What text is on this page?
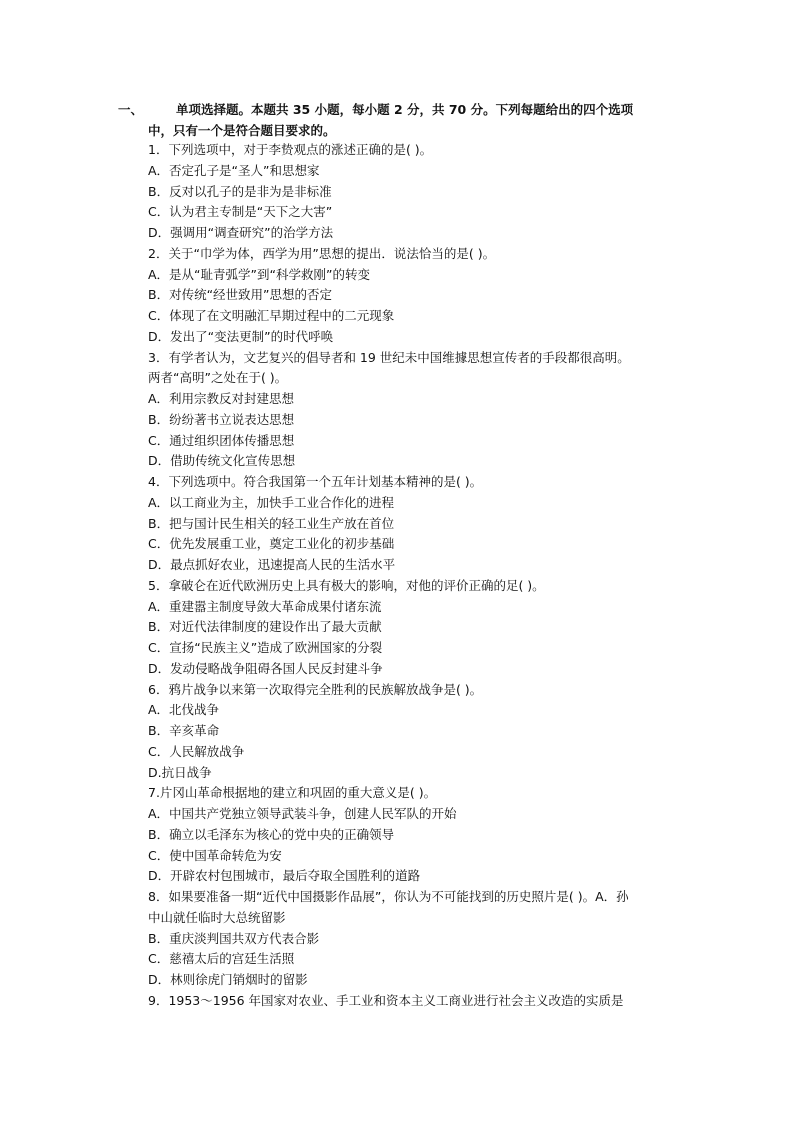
一、	单项选择题。本题共 35 小题，每小题 2 分，共 70 分。下列每题给出的四个选项
中，只有一个是符合题目要求的。
1．下列选项中，对于李贽观点的涨述正确的是( )。
A．否定孔子是“圣人”和思想家
B．反对以孔子的是非为是非标准
C．认为君主专制是“天下之大害”
D．强调用“调查研究”的治学方法
2．关于“巾学为体，西学为用”思想的提出．说法恰当的是( )。
A．是从“耻青弧学”到“科学救刚”的转变
B．对传统“经世致用”思想的否定
C．体现了在文明融汇早期过程中的二元现象
D．发出了“变法更制”的时代呼唤
3．有学者认为，文艺复兴的倡导者和 19 世纪未中国维據思想宣传者的手段都很高明。
两者“高明”之处在于( )。
A．利用宗教反对封建思想
B．纷纷著书立说表达思想
C．通过组织团体传播思想
D．借助传统文化宣传思想
4．下列选项中。符合我国第一个五年计划基本精神的是( )。
A．以工商业为主，加快手工业合作化的进程
B．把与国计民生相关的轻工业生产放在首位
C．优先发展重工业，奠定工业化的初步基础
D．最点抓好农业，迅速提高人民的生活水平
5．拿破仑在近代欧洲历史上具有极大的影响，对他的评价正确的足( )。
A．重建嚣主制度导敛大革命成果付诸东流
B．对近代法律制度的建设作出了最大贡献
C．宣扬“民族主义”造成了欧洲国家的分裂
D．发动侵略战争阻碍各国人民反封建斗争
6．鸦片战争以来第一次取得完全胜利的民族解放战争是( )。
A．北伐战争
B．辛亥革命
C．人民解放战争
D.抗日战争
7.片冈山革命根据地的建立和巩固的重大意义是( )。
A．中国共产党独立领导武装斗争，创建人民军队的开始
B．确立以毛泽东为核心的党中央的正确领导
C．使中国革命转危为安
D．开辟农村包围城市，最后夺取全国胜利的道路
8．如果要准备一期“近代中国摄影作品展”，你认为不可能找到的历史照片是( )。A．孙
中山就任临时大总统留影
B．重庆淡判国共双方代表合影
C．慈禧太后的宫廷生活照
D．林则徐虎门销烟时的留影
9．1953～1956 年国家对农业、手工业和资本主义工商业进行社会主义改造的实质是
